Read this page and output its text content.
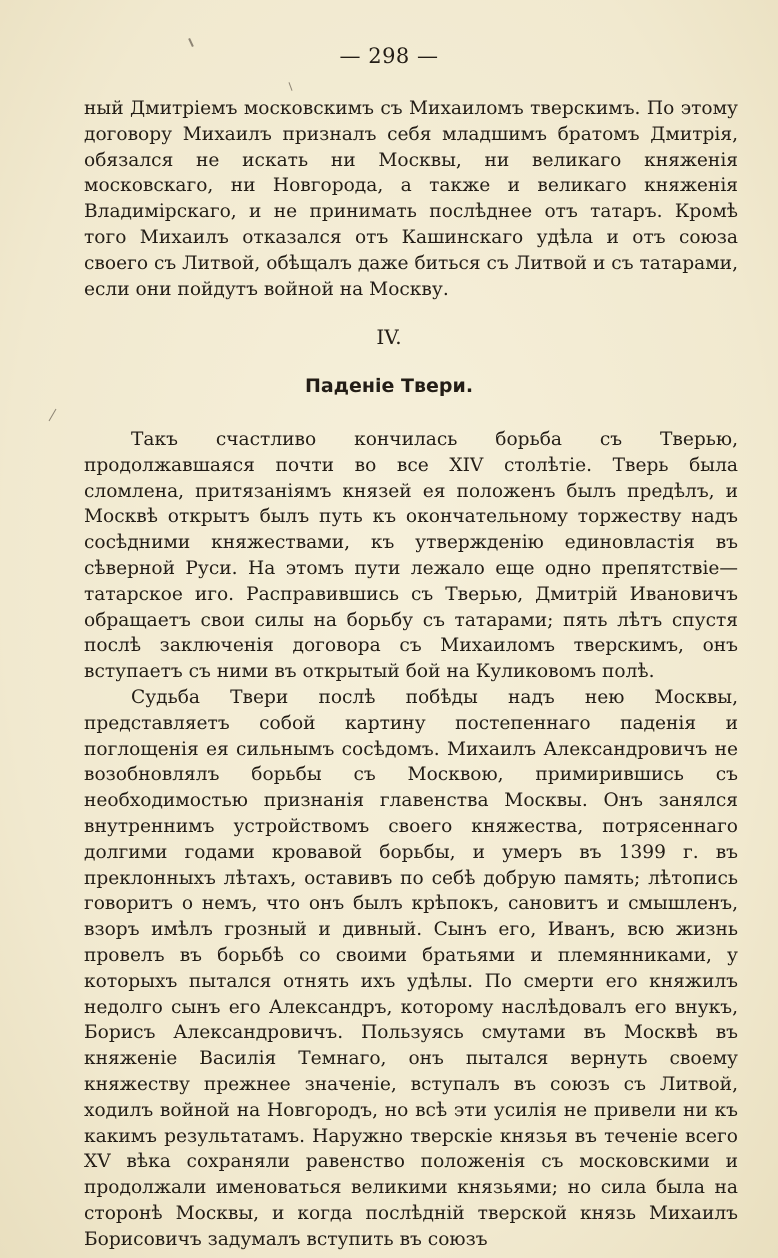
— 298 —

ный Дмитріемъ московскимъ съ Михаиломъ тверскимъ. По этому договору Михаилъ призналъ себя младшимъ братомъ Дмитрія, обязался не искать ни Москвы, ни великаго княженія московскаго, ни Новгорода, а также и великаго княженія Владимірскаго, и не принимать послѣднее отъ татаръ. Кромѣ того Михаилъ отказался отъ Кашинскаго удѣла и отъ союза своего съ Литвой, обѣщалъ даже биться съ Литвой и съ татарами, если они пойдутъ войной на Москву.

IV.
Паденіе Твери.

Такъ счастливо кончилась борьба съ Тверью, продолжавшаяся почти во все XIV столѣтіе. Тверь была сломлена, притязаніямъ князей ея положенъ былъ предѣлъ, и Москвѣ открытъ былъ путь къ окончательному торжеству надъ сосѣдними княжествами, къ утвержденію единовластія въ сѣверной Руси. На этомъ пути лежало еще одно препятствіе—татарское иго. Расправившись съ Тверью, Дмитрій Ивановичъ обращаетъ свои силы на борьбу съ татарами; пять лѣтъ спустя послѣ заключенія договора съ Михаиломъ тверскимъ, онъ вступаетъ съ ними въ открытый бой на Куликовомъ полѣ.

Судьба Твери послѣ побѣды надъ нею Москвы, представляетъ собой картину постепеннаго паденія и поглощенія ея сильнымъ сосѣдомъ. Михаилъ Александровичъ не возобновлялъ борьбы съ Москвою, примирившись съ необходимостью признанія главенства Москвы. Онъ занялся внутреннимъ устройствомъ своего княжества, потрясеннаго долгими годами кровавой борьбы, и умеръ въ 1399 г. въ преклонныхъ лѣтахъ, оставивъ по себѣ добрую память; лѣтопись говоритъ о немъ, что онъ былъ крѣпокъ, сановитъ и смышленъ, взоръ имѣлъ грозный и дивный. Сынъ его, Иванъ, всю жизнь провелъ въ борьбѣ со своими братьями и племянниками, у которыхъ пытался отнять ихъ удѣлы. По смерти его княжилъ недолго сынъ его Александръ, которому наслѣдовалъ его внукъ, Борисъ Александровичъ. Пользуясь смутами въ Москвѣ въ княженіе Василія Темнаго, онъ пытался вернуть своему княжеству прежнее значеніе, вступалъ въ союзъ съ Литвой, ходилъ войной на Новгородъ, но всѣ эти усилія не привели ни къ какимъ результатамъ. Наружно тверскіе князья въ теченіе всего XV вѣка сохраняли равенство положенія съ московскими и продолжали именоваться великими князьями; но сила была на сторонѣ Москвы, и когда послѣдній тверской князь Михаилъ Борисовичъ задумалъ вступить въ союзъ
